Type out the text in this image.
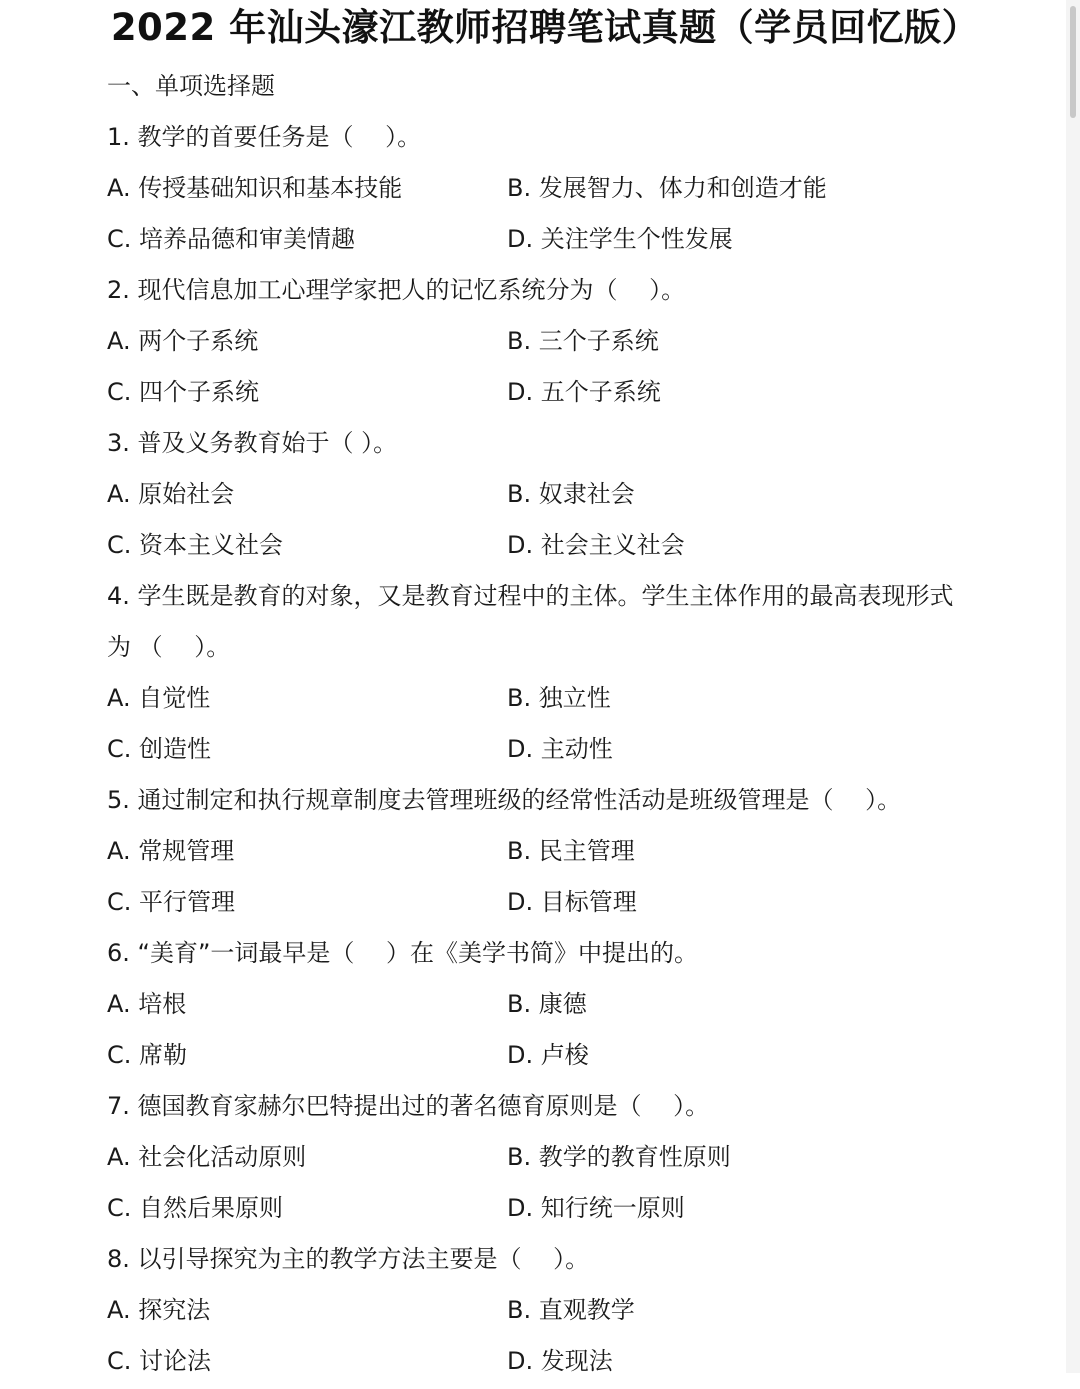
2022 年汕头濠江教师招聘笔试真题（学员回忆版）
一、单项选择题
1. 教学的首要任务是（　 ）。
A. 传授基础知识和基本技能	B. 发展智力、体力和创造才能
C. 培养品德和审美情趣	D. 关注学生个性发展
2. 现代信息加工心理学家把人的记忆系统分为（　 ）。
A. 两个子系统	B. 三个子系统
C. 四个子系统	D. 五个子系统
3. 普及义务教育始于（ ）。
A. 原始社会	B. 奴隶社会
C. 资本主义社会	D. 社会主义社会
4. 学生既是教育的对象，又是教育过程中的主体。学生主体作用的最高表现形式
为 （　 ）。
A. 自觉性	B. 独立性
C. 创造性	D. 主动性
5. 通过制定和执行规章制度去管理班级的经常性活动是班级管理是（　 ）。
A. 常规管理	B. 民主管理
C. 平行管理	D. 目标管理
6. “美育”一词最早是（　 ）在《美学书简》中提出的。
A. 培根	B. 康德
C. 席勒	D. 卢梭
7. 德国教育家赫尔巴特提出过的著名德育原则是（　 ）。
A. 社会化活动原则	B. 教学的教育性原则
C. 自然后果原则	D. 知行统一原则
8. 以引导探究为主的教学方法主要是（　 ）。
A. 探究法	B. 直观教学
C. 讨论法	D. 发现法
